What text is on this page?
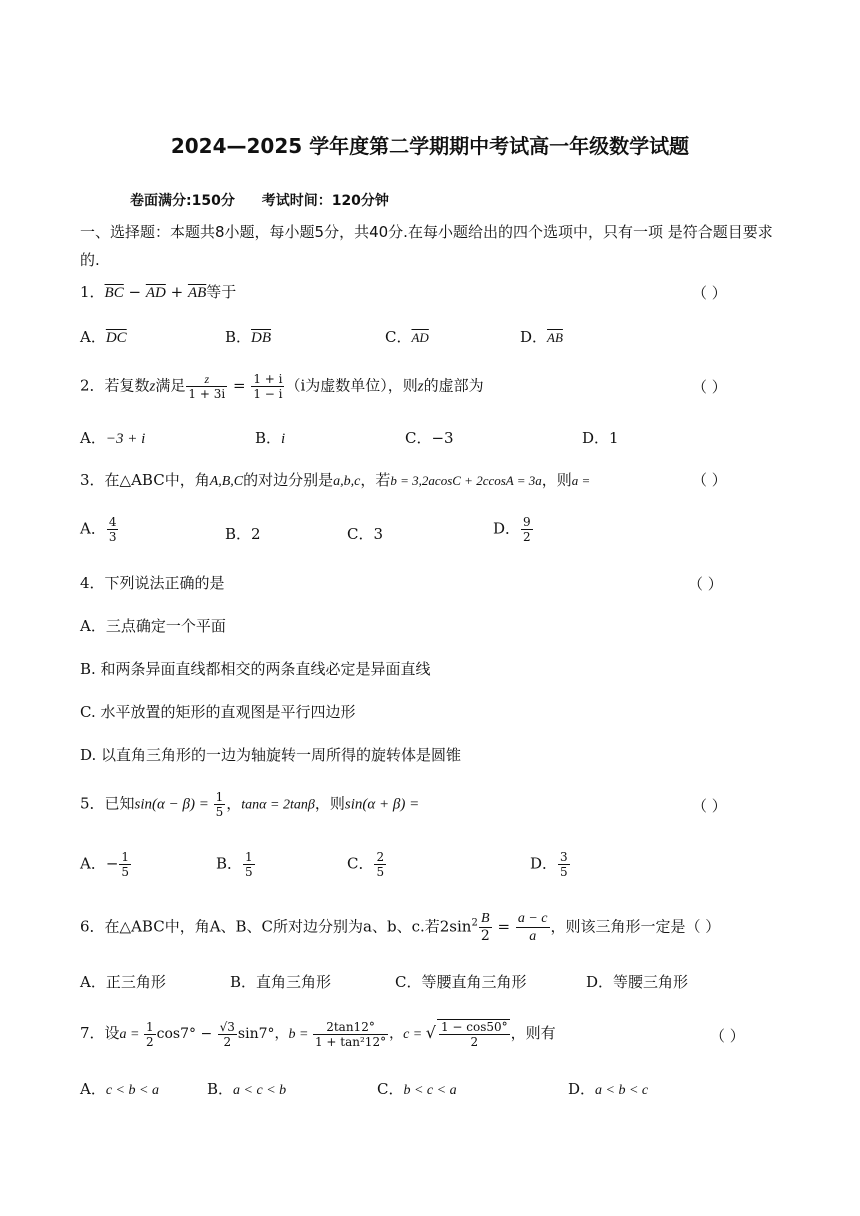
2024—2025 学年度第二学期期中考试高一年级数学试题
卷面满分:150分 考试时间：120分钟
一、选择题：本题共8小题，每小题5分，共40分.在每小题给出的四个选项中，只有一项 是符合题目要求的.
1．$\overline{BC} - \overline{AD} + \overline{AB}$等于	（ ）
A．$\overline{DC}$	B．$\overline{DB}$	C．$\overline{AD}$	D．$\overline{AB}$
2．若复数z满足 $\frac{z}{1 + 3i} = \frac{1 + i}{1 - i} (i$为虚数单位），则z的虚部为	（ ）
A．−3 + i	B．i	C．−3	D．1
3．在△ABC中，角A,B,C的对边分别是a,b,c，若b = 3,2acosC + 2ccosA = 3a，则a =	（ ）
A． $\frac{4}{3}$	B．2	C．3	D． $\frac{9}{2}$
4．下列说法正确的是	（ ）
A．三点确定一个平面
B. 和两条异面直线都相交的两条直线必定是异面直线
C. 水平放置的矩形的直观图是平行四边形
D. 以直角三角形的一边为轴旋转一周所得的旋转体是圆锥
5．已知$\sin(\alpha - \beta) = \frac{1}{5}$ ，tanα = 2tanβ，则sin(α + β) =	（ ）
A．− $\frac{1}{5}$	B． $\frac{1}{5}$	C． $\frac{2}{5}$	D． $\frac{3}{5}$
6．在△ABC中，角A、B、C所对边分别为a、b、c.若$2\sin^2 \frac{B}{2} = \frac{a - c}{a}$ ，则该三角形一定是（ ）
A．正三角形	B．直角三角形	C．等腰直角三角形	D．等腰三角形
7．设$a = \frac{1}{2} \cos 7^\circ - \frac{√3}{2} \sin 7^\circ$，$b = \frac{2\tan 12^\circ}{\text{1 + tan²12°}}$ ，c = √ $\frac{1 - \cos 50^\circ}{2}$ ，则有	（ ）
A．c < b < a	B．a < c < b	C．b < c < a	D．a < b < c
